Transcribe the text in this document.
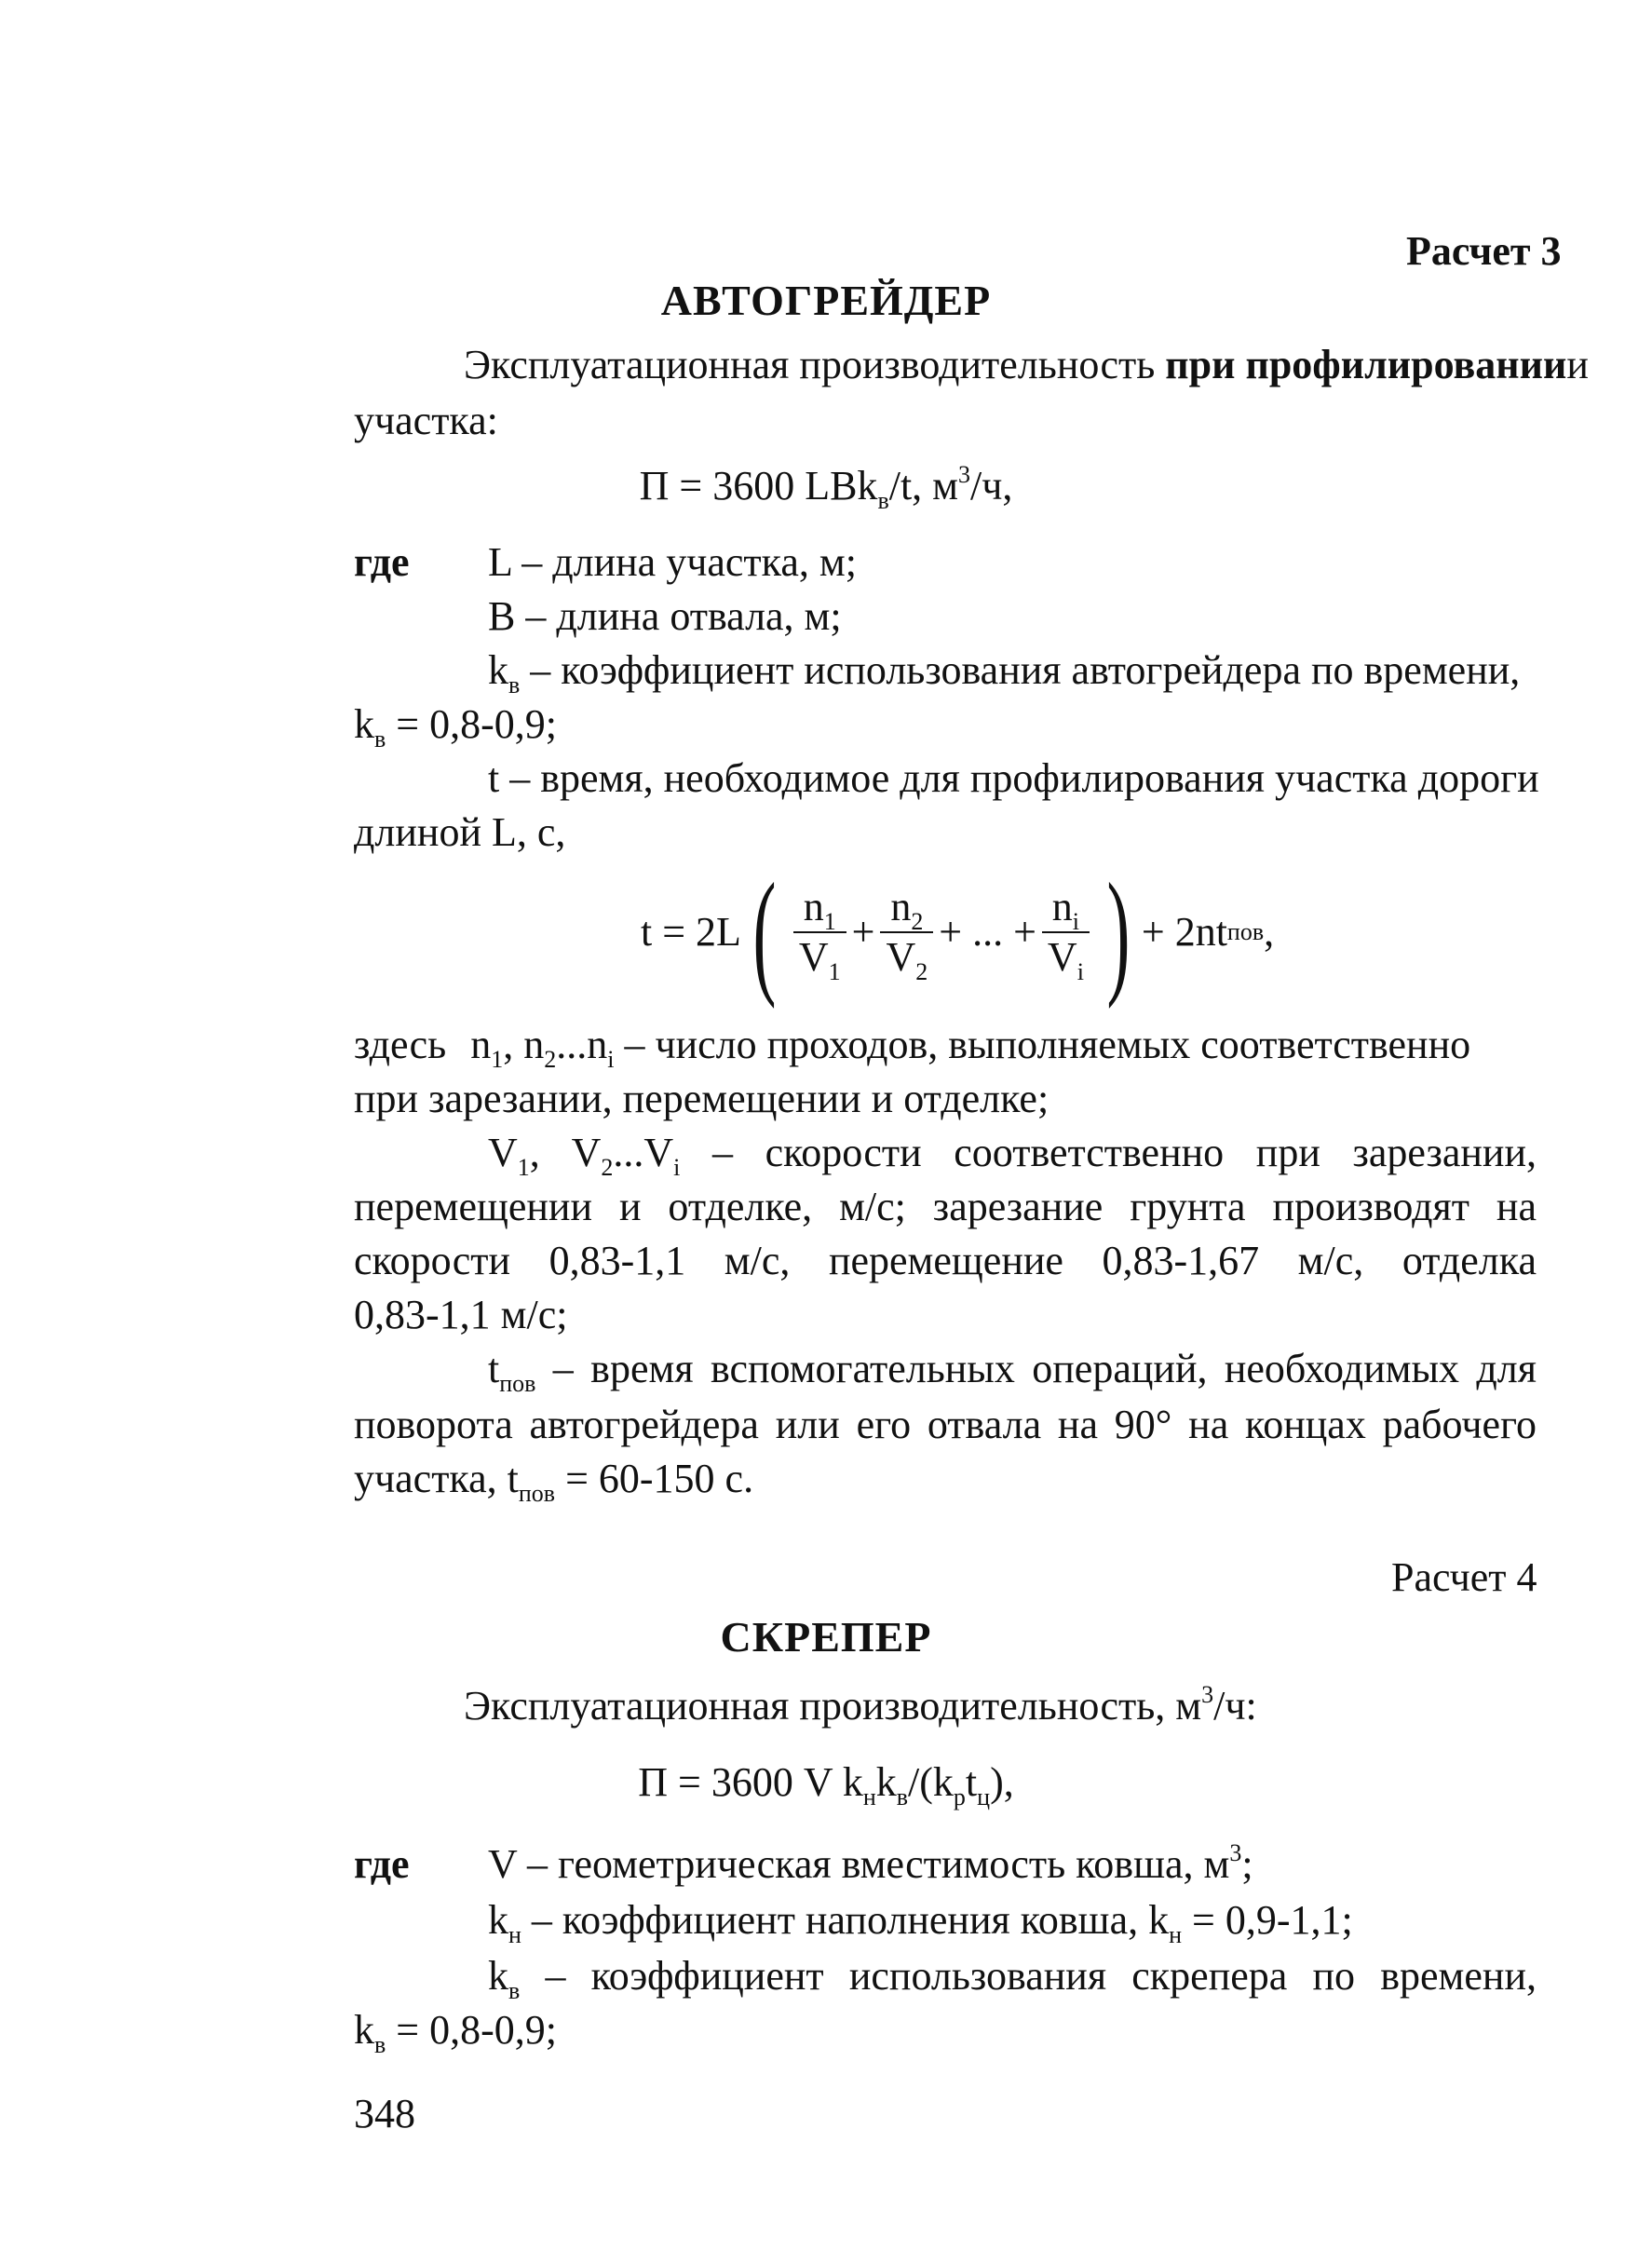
Расчет 3
АВТОГРЕЙДЕР
Эксплуатационная производительность при профилированиии
участка:
П = 3600 LBk$_в$/t, $м^3/ч$,
где L – длина участка, м;
B – длина отвала, м;
$k_в$ – коэффициент использования автогрейдера по времени,
$k_в = 0,8-0,9$;
t – время, необходимое для профилирования участка дороги
длиной L, с,
t = 2L ( $\frac{n_1}{V_1} + \frac{n_2}{V_2}$ + ... + $\frac{n_i}{V_i}$ ) + 2nt пов ,
здесь $n_1$, $n_2...n_i$ – число проходов, выполняемых соответственно
при зарезании, перемещении и отделке;
$V_1$, $V_2...V_i$ – скорости соответственно при зарезании,
перемещении и отделке, м/с; зарезание грунта производят на
скорости 0,83-1,1 м/с, перемещение 0,83-1,67 м/с, отделка
0,83-1,1 м/с;
$t_{пов}$ – время вспомогательных операций, необходимых для
поворота автогрейдера или его отвала на 90° на концах рабочего
участка, $t_{пов} = 60-150$ с.
Расчет 4
СКРЕПЕР
Эксплуатационная производительность, $м^3/ч$:
П = 3600 V $k_нk_в/(k_рt_ц)$,
где V – геометрическая вместимость ковша, $м^3$;
$k_н$ – коэффициент наполнения ковша, $k_н = 0,9-1,1$;
$k_в$ – коэффициент использования скрепера по времени,
$k_в = 0,8-0,9$;
348
